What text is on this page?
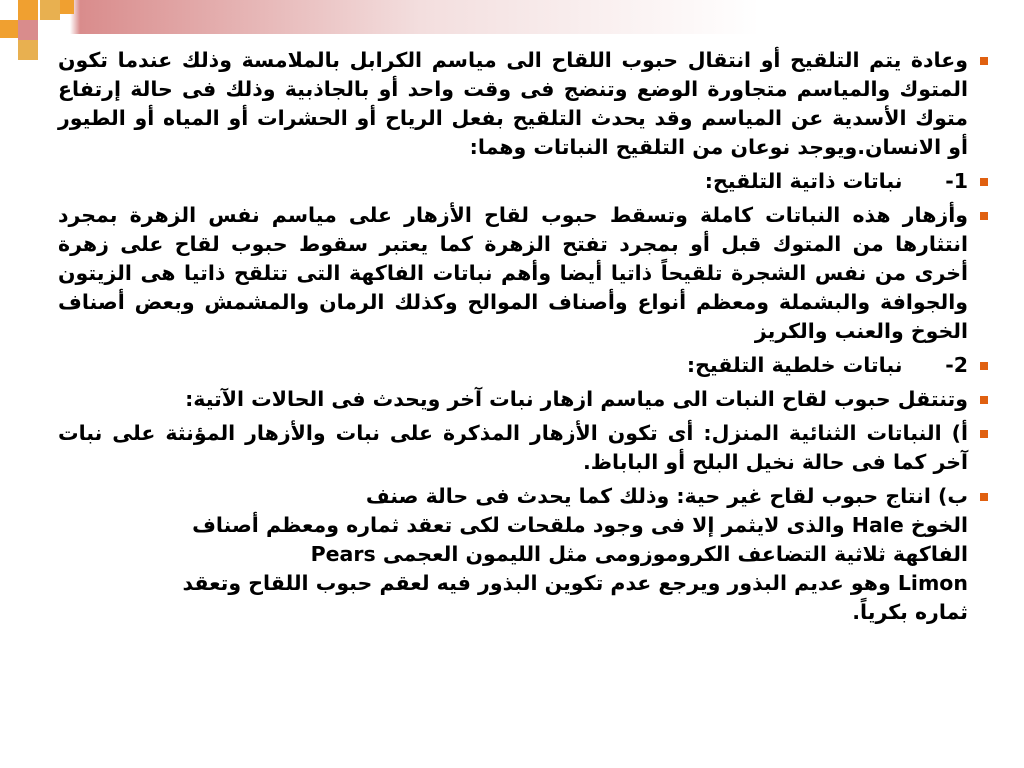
وعادة يتم التلقيح أو انتقال حبوب اللقاح الى مياسم الكرابل بالملامسة وذلك عندما تكون المتوك والمياسم متجاورة الوضع وتنضج فى وقت واحد أو بالجاذبية وذلك فى حالة إرتفاع متوك الأسدية عن المياسم وقد يحدث التلقيح بفعل الرياح أو الحشرات أو المياه أو الطيور أو الانسان.ويوجد نوعان من التلقيح النباتات وهما:
1-      نباتات ذاتية التلقيح:
وأزهار هذه النباتات كاملة وتسقط حبوب لقاح الأزهار على مياسم نفس الزهرة بمجرد انتثارها من المتوك قبل أو بمجرد تفتح الزهرة كما يعتبر سقوط حبوب لقاح على زهرة أخرى من نفس الشجرة تلقيحاً ذاتيا أيضا وأهم نباتات الفاكهة التى تتلقح ذاتيا هى الزيتون والجوافة والبشملة ومعظم أنواع وأصناف الموالح وكذلك الرمان والمشمش وبعض أصناف الخوخ والعنب والكريز
2-      نباتات خلطية التلقيح:
وتنتقل حبوب لقاح النبات الى مياسم ازهار نبات آخر ويحدث فى الحالات الآتية:
أ) النباتات الثنائية المنزل: أى تكون الأزهار المذكرة على نبات والأزهار المؤنثة على نبات آخر كما فى حالة نخيل البلح أو الباباظ.
ب) انتاج حبوب لقاح غير حية: وذلك كما يحدث فى حالة صنف
الخوخ Hale والذى لايثمر إلا فى وجود ملقحات لكى تعقد ثماره ومعظم أصناف
الفاكهة ثلاثية التضاعف الكروموزومى مثل الليمون العجمى Pears
Limon وهو عديم البذور ويرجع عدم تكوين البذور فيه لعقم حبوب اللقاح وتعقد
ثماره بكرياً.
